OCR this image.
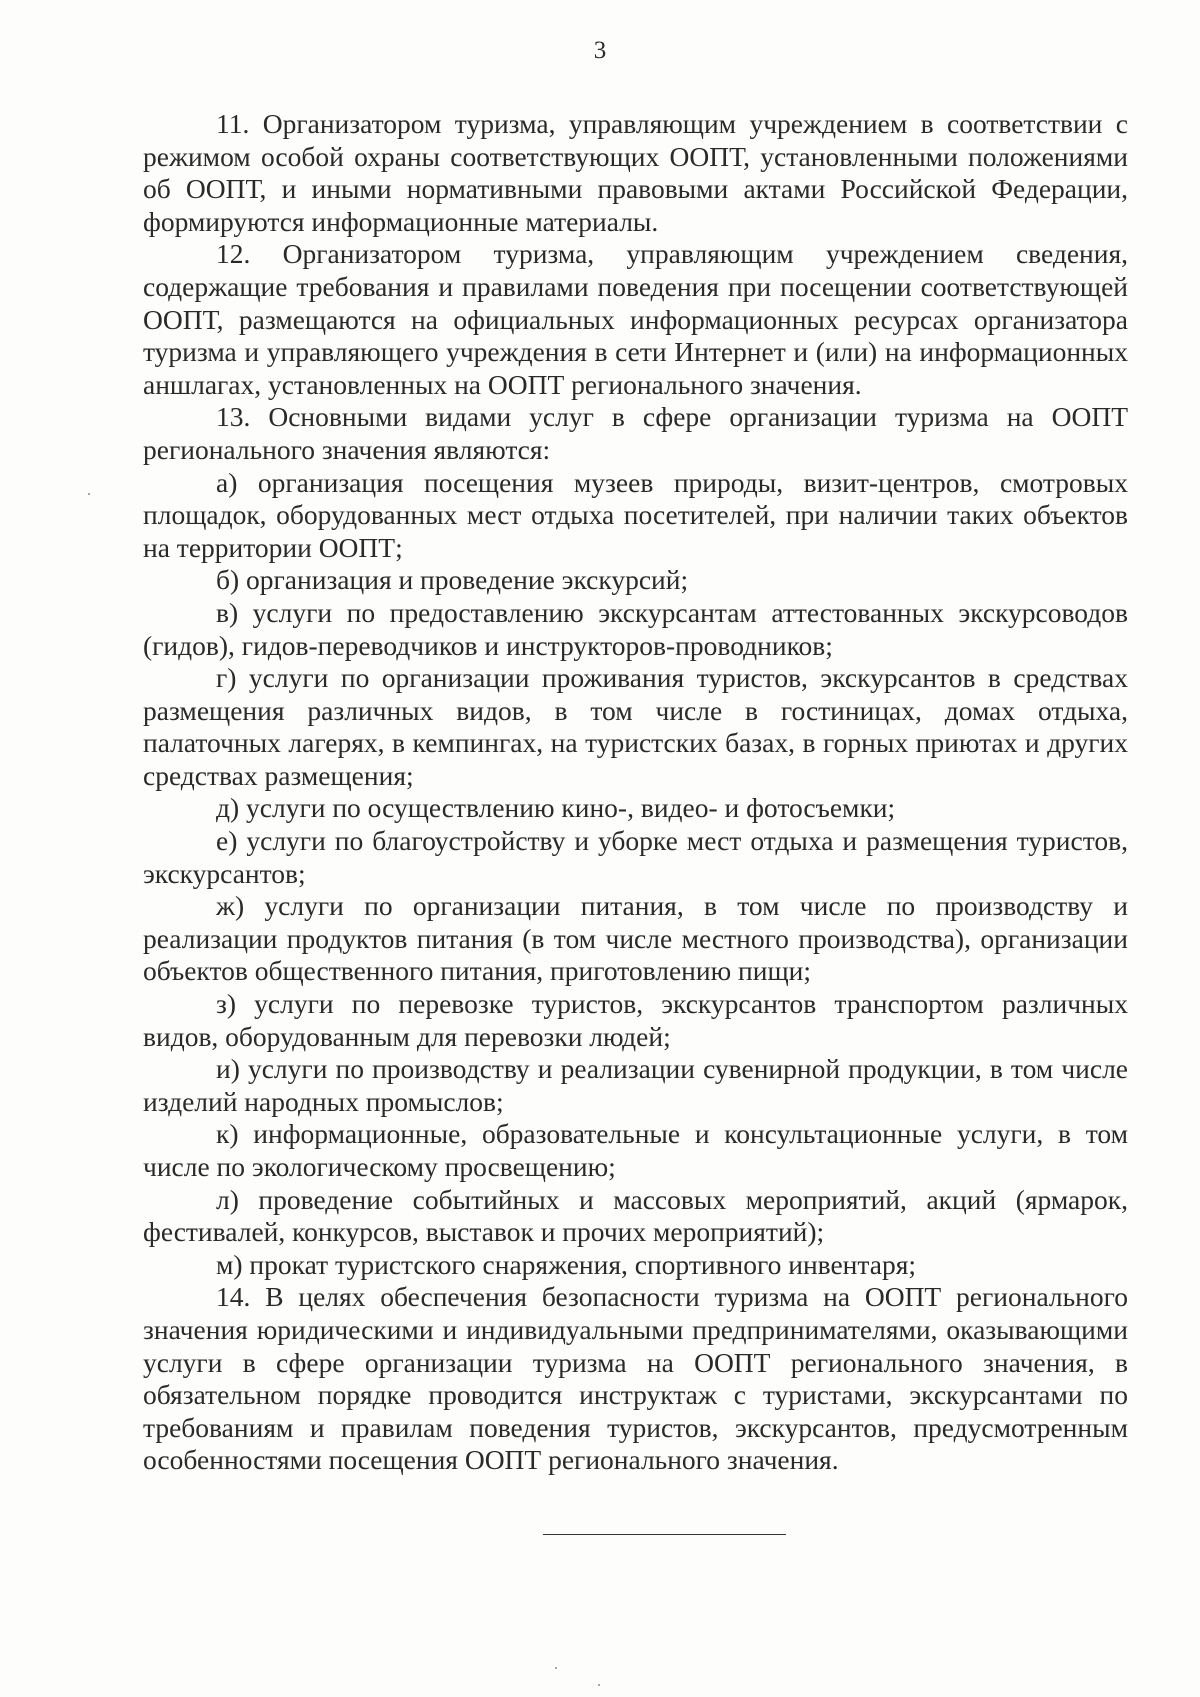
3

11. Организатором туризма, управляющим учреждением в соответствии с режимом особой охраны соответствующих ООПТ, установленными положениями об ООПТ, и иными нормативными правовыми актами Российской Федерации, формируются информационные материалы.

12. Организатором туризма, управляющим учреждением сведения, содержащие требования и правилами поведения при посещении соответствующей ООПТ, размещаются на официальных информационных ресурсах организатора туризма и управляющего учреждения в сети Интернет и (или) на информационных аншлагах, установленных на ООПТ регионального значения.

13. Основными видами услуг в сфере организации туризма на ООПТ регионального значения являются:

а) организация посещения музеев природы, визит-центров, смотровых площадок, оборудованных мест отдыха посетителей, при наличии таких объектов на территории ООПТ;

б) организация и проведение экскурсий;

в) услуги по предоставлению экскурсантам аттестованных экскурсоводов (гидов), гидов-переводчиков и инструкторов-проводников;

г) услуги по организации проживания туристов, экскурсантов в средствах размещения различных видов, в том числе в гостиницах, домах отдыха, палаточных лагерях, в кемпингах, на туристских базах, в горных приютах и других средствах размещения;

д) услуги по осуществлению кино-, видео- и фотосъемки;

е) услуги по благоустройству и уборке мест отдыха и размещения туристов, экскурсантов;

ж) услуги по организации питания, в том числе по производству и реализации продуктов питания (в том числе местного производства), организации объектов общественного питания, приготовлению пищи;

з) услуги по перевозке туристов, экскурсантов транспортом различных видов, оборудованным для перевозки людей;

и) услуги по производству и реализации сувенирной продукции, в том числе изделий народных промыслов;

к) информационные, образовательные и консультационные услуги, в том числе по экологическому просвещению;

л) проведение событийных и массовых мероприятий, акций (ярмарок, фестивалей, конкурсов, выставок и прочих мероприятий);

м) прокат туристского снаряжения, спортивного инвентаря;

14. В целях обеспечения безопасности туризма на ООПТ регионального значения юридическими и индивидуальными предпринимателями, оказывающими услуги в сфере организации туризма на ООПТ регионального значения, в обязательном порядке проводится инструктаж с туристами, экскурсантами по требованиям и правилам поведения туристов, экскурсантов, предусмотренным особенностями посещения ООПТ регионального значения.
